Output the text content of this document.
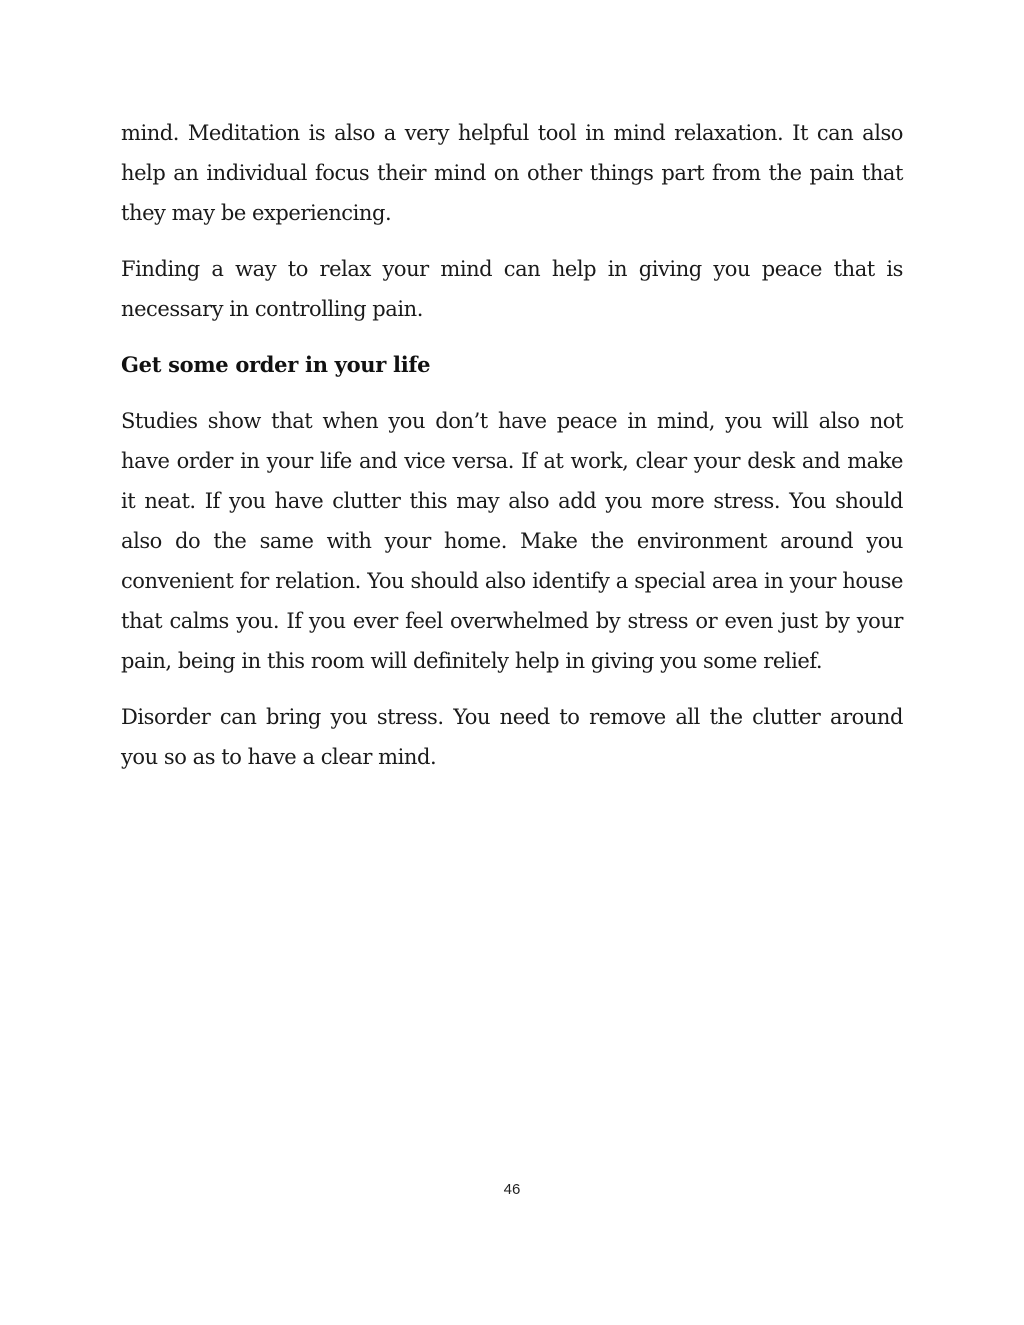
mind. Meditation is also a very helpful tool in mind relaxation. It can also help an individual focus their mind on other things part from the pain that they may be experiencing.

Finding a way to relax your mind can help in giving you peace that is necessary in controlling pain.

Get some order in your life

Studies show that when you don’t have peace in mind, you will also not have order in your life and vice versa. If at work, clear your desk and make it neat. If you have clutter this may also add you more stress. You should also do the same with your home. Make the environment around you convenient for relation. You should also identify a special area in your house that calms you. If you ever feel overwhelmed by stress or even just by your pain, being in this room will definitely help in giving you some relief.

Disorder can bring you stress. You need to remove all the clutter around you so as to have a clear mind.

46
